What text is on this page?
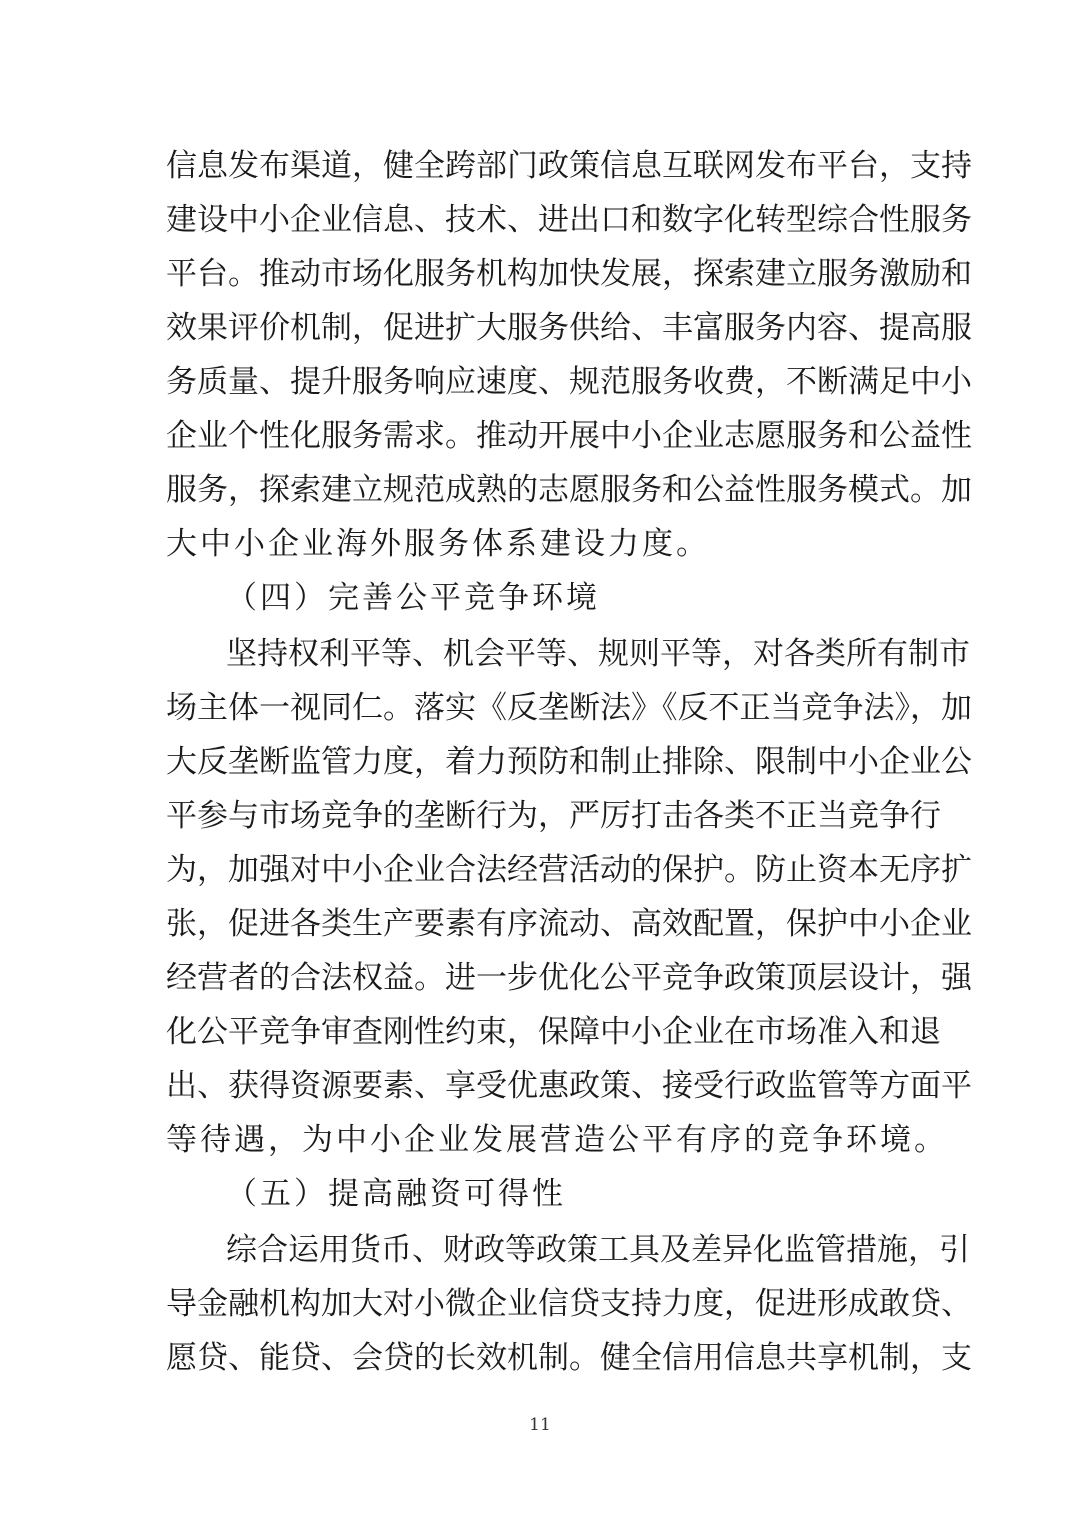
信息发布渠道，健全跨部门政策信息互联网发布平台，支持
建设中小企业信息、技术、进出口和数字化转型综合性服务
平台。推动市场化服务机构加快发展，探索建立服务激励和
效果评价机制，促进扩大服务供给、丰富服务内容、提高服
务质量、提升服务响应速度、规范服务收费，不断满足中小
企业个性化服务需求。推动开展中小企业志愿服务和公益性
服务，探索建立规范成熟的志愿服务和公益性服务模式。加
大中小企业海外服务体系建设力度。
（四）完善公平竞争环境
坚持权利平等、机会平等、规则平等，对各类所有制市
场主体一视同仁。落实《反垄断法》《反不正当竞争法》，加
大反垄断监管力度，着力预防和制止排除、限制中小企业公
平参与市场竞争的垄断行为，严厉打击各类不正当竞争行
为，加强对中小企业合法经营活动的保护。防止资本无序扩
张，促进各类生产要素有序流动、高效配置，保护中小企业
经营者的合法权益。进一步优化公平竞争政策顶层设计，强
化公平竞争审查刚性约束，保障中小企业在市场准入和退
出、获得资源要素、享受优惠政策、接受行政监管等方面平
等待遇，为中小企业发展营造公平有序的竞争环境。
（五）提高融资可得性
综合运用货币、财政等政策工具及差异化监管措施，引
导金融机构加大对小微企业信贷支持力度，促进形成敢贷、
愿贷、能贷、会贷的长效机制。健全信用信息共享机制，支
11
